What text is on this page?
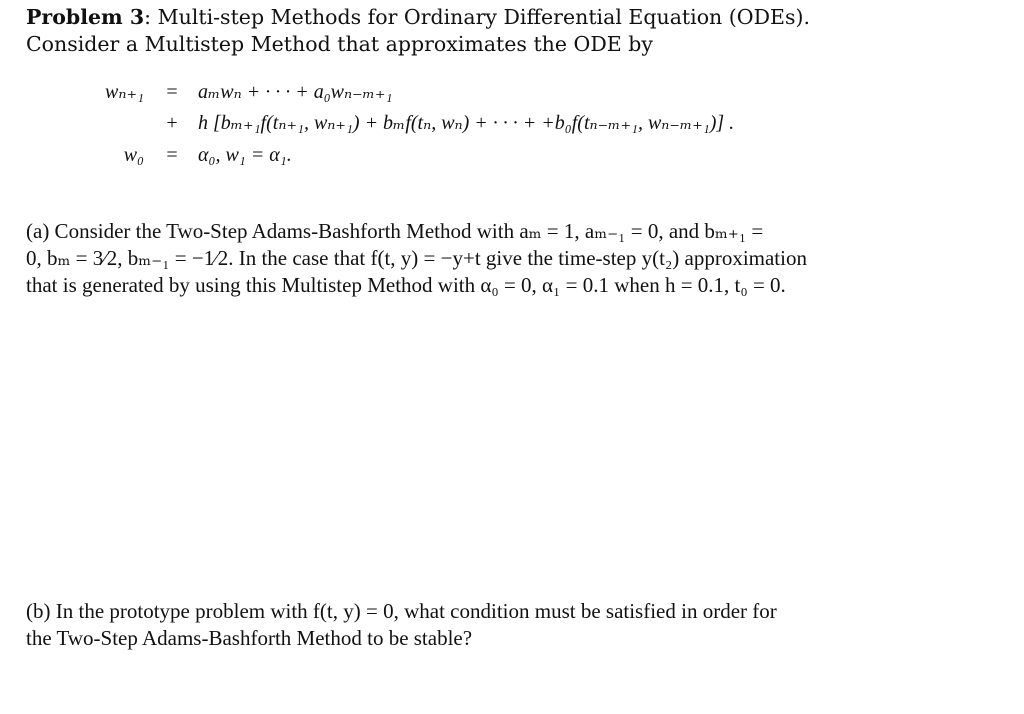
Problem 3: Multi-step Methods for Ordinary Differential Equation (ODEs).
Consider a Multistep Method that approximates the ODE by
wₙ₊₁ = aₘwₙ + · · · + a₀wₙ₋ₘ₊₁
+ h [bₘ₊₁f(tₙ₊₁, wₙ₊₁) + bₘf(tₙ, wₙ) + · · · + +b₀f(tₙ₋ₘ₊₁, wₙ₋ₘ₊₁)] .
w₀ = α₀, w₁ = α₁.

(a) Consider the Two-Step Adams-Bashforth Method with aₘ = 1, aₘ₋₁ = 0, and bₘ₊₁ =

0, bₘ = 3⁄2, bₘ₋₁ = −1⁄2. In the case that f(t, y) = −y+t give the time-step y(t₂) approximation

that is generated by using this Multistep Method with α₀ = 0, α₁ = 0.1 when h = 0.1, t₀ = 0.

(b) In the prototype problem with f(t, y) = 0, what condition must be satisfied in order for

the Two-Step Adams-Bashforth Method to be stable?
